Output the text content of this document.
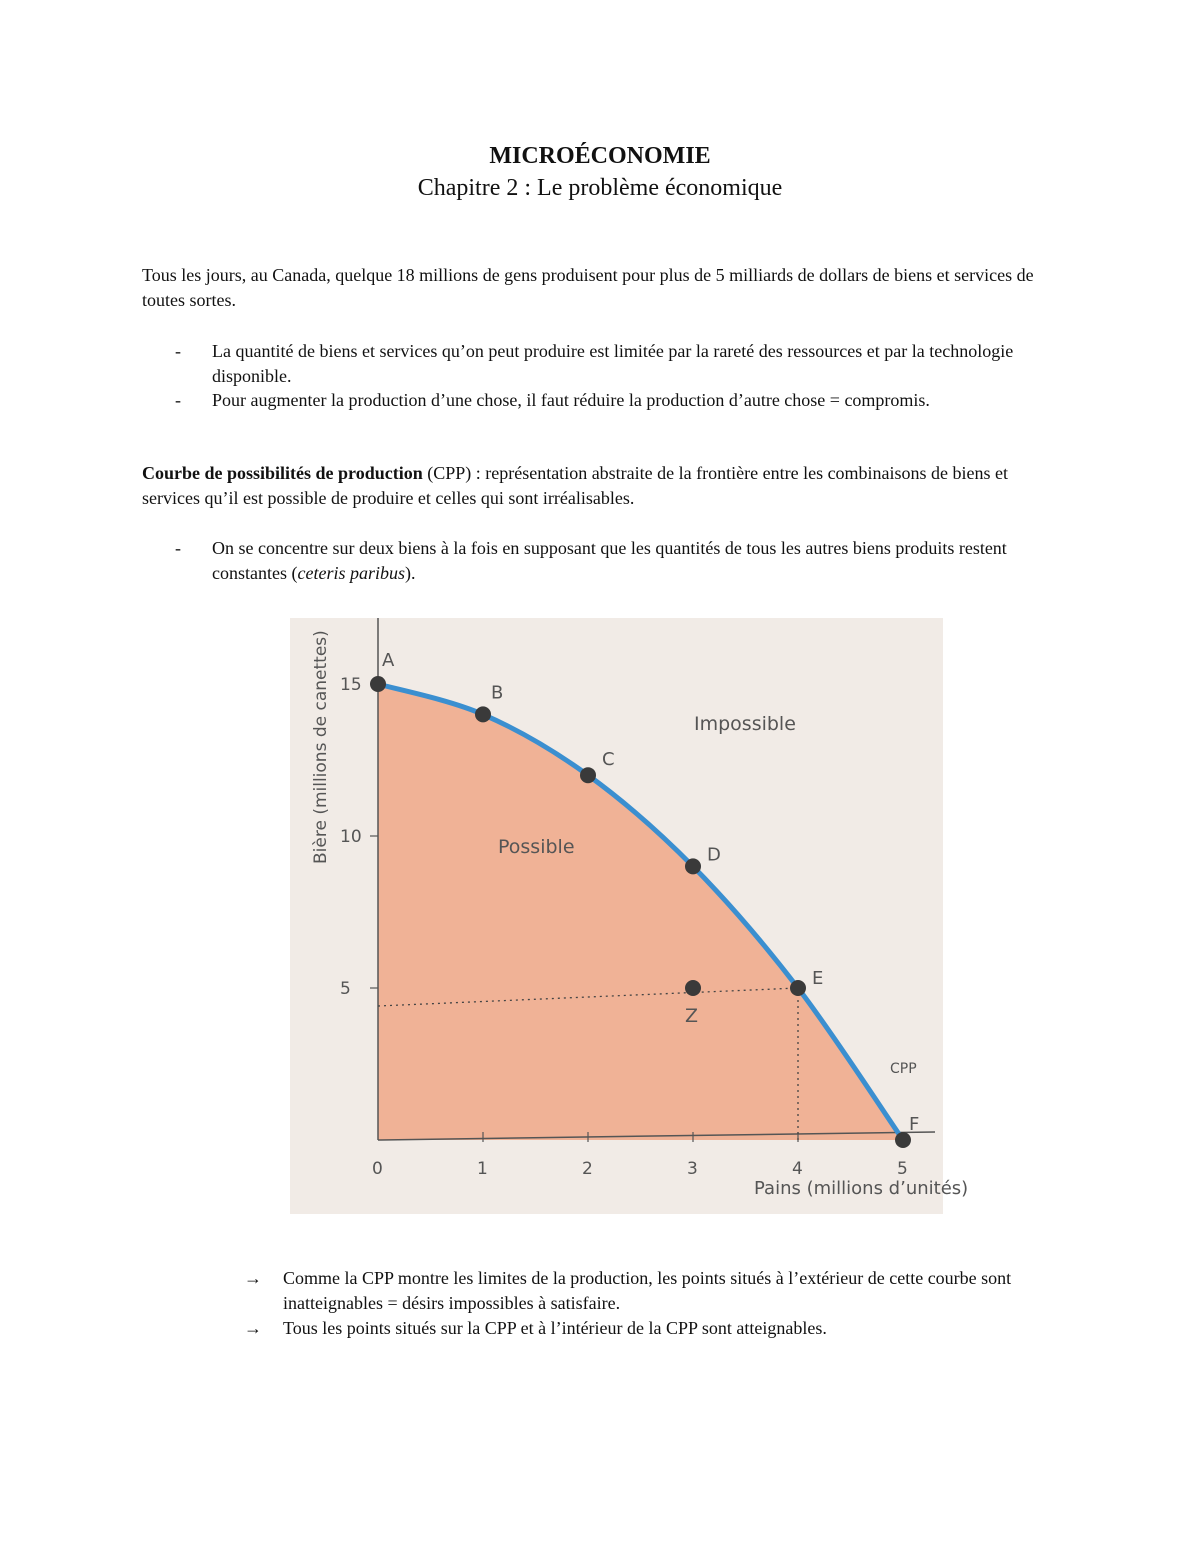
MICROÉCONOMIE
Chapitre 2 : Le problème économique
Tous les jours, au Canada, quelque 18 millions de gens produisent pour plus de 5 milliards de dollars de biens et services de toutes sortes.
- La quantité de biens et services qu’on peut produire est limitée par la rareté des ressources et par la technologie disponible.
- Pour augmenter la production d’une chose, il faut réduire la production d’autre chose = compromis.
Courbe de possibilités de production (CPP) : représentation abstraite de la frontière entre les combinaisons de biens et services qu’il est possible de produire et celles qui sont irréalisables.
- On se concentre sur deux biens à la fois en supposant que les quantités de tous les autres biens produits restent constantes (ceteris paribus).
5
10
15
0	1	2	3	4	5
A
B
C
D
E
F
Z
Impossible
Possible
CPP
Pains (millions d’unités)
Bière (millions de canettes)
→ Comme la CPP montre les limites de la production, les points situés à l’extérieur de cette courbe sont inatteignables = désirs impossibles à satisfaire.
→ Tous les points situés sur la CPP et à l’intérieur de la CPP sont atteignables.
